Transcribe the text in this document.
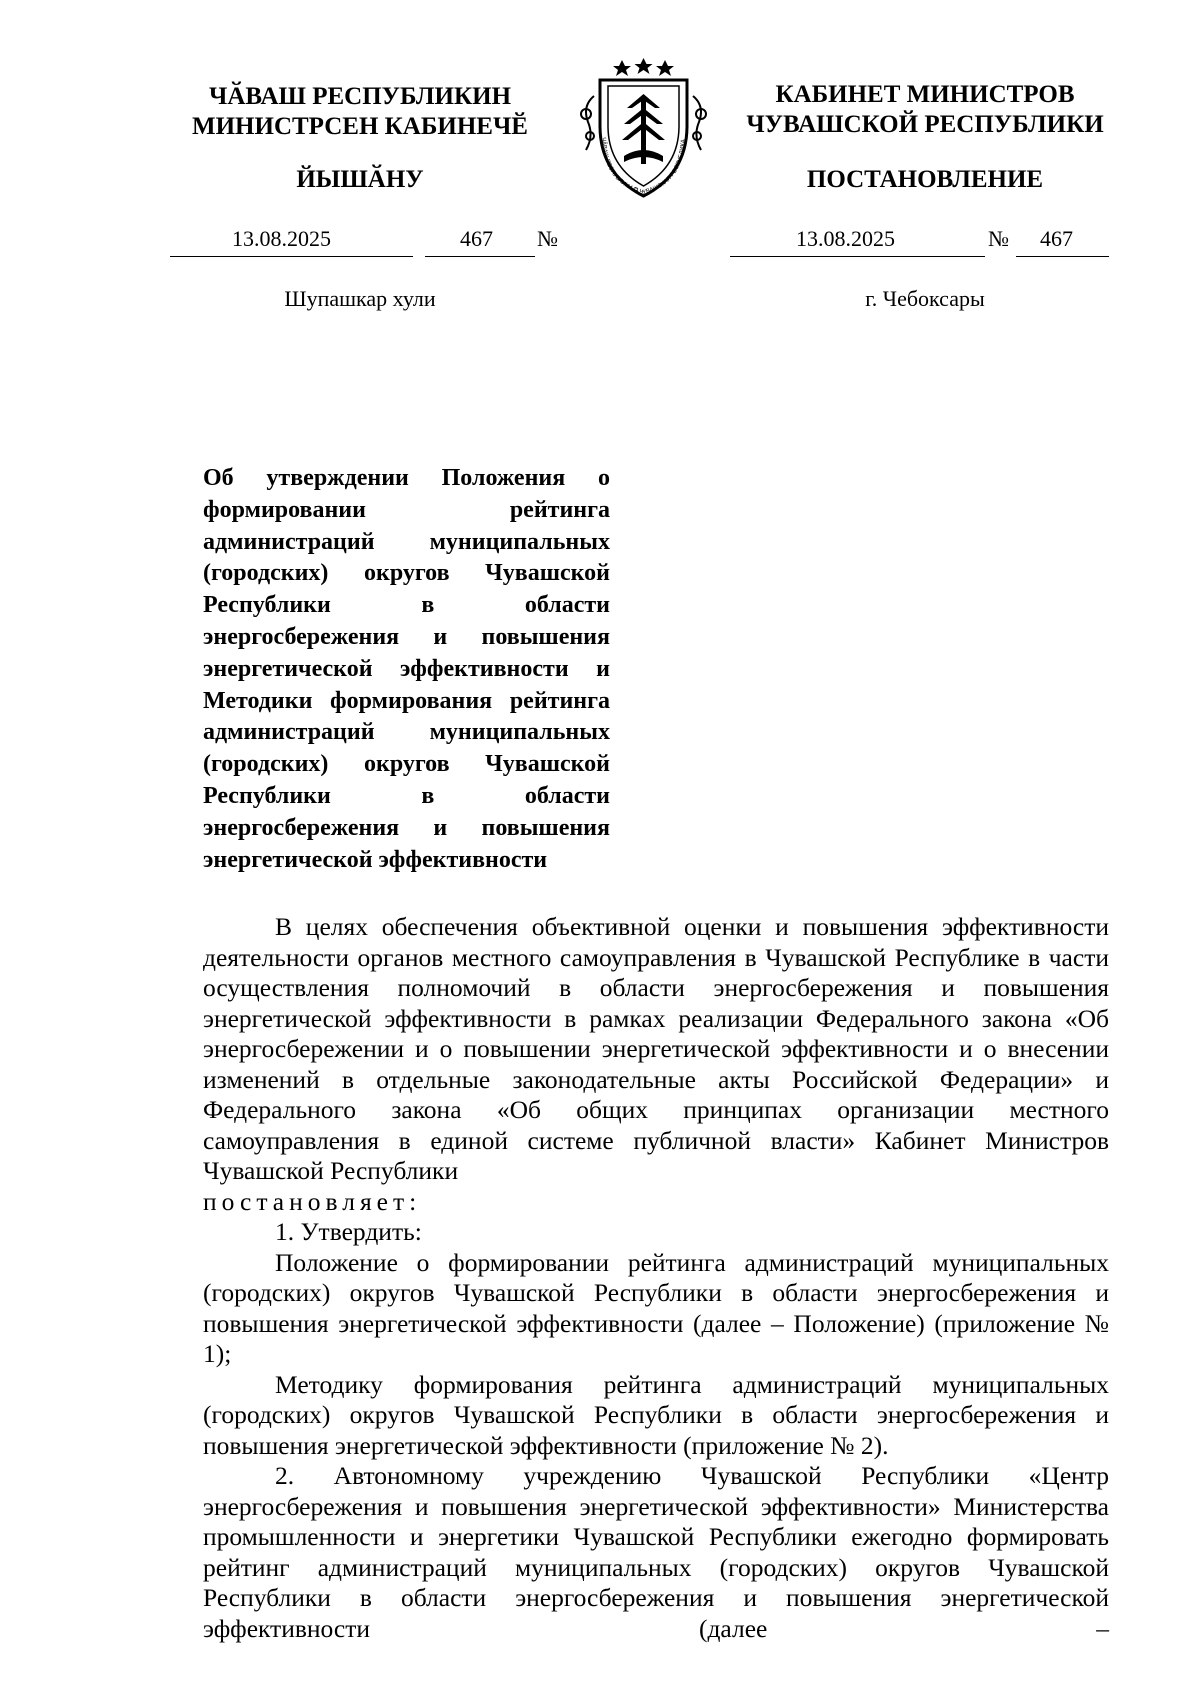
ЧӐВАШ РЕСПУБЛИКИН
МИНИСТРСЕН КАБИНЕЧӖ
ЙЫШӐНУ
13.08.2025	467 №
Шупашкар хули
ЧӐВАШ РЕСПУБЛИКИ ✪ ЧУВАШСКАЯ РЕСПУБЛИКА
КАБИНЕТ МИНИСТРОВ
ЧУВАШСКОЙ РЕСПУБЛИКИ
ПОСТАНОВЛЕНИЕ
13.08.2025	№ 467
г. Чебоксары
Об утверждении Положения о формировании рейтинга администраций муниципальных (городских) округов Чувашской Республики в области энергосбережения и повышения энергетической эффективности и Методики формирования рейтинга администраций муниципальных (городских) округов Чувашской Республики в области энергосбережения и повышения энергетической эффективности

В целях обеспечения объективной оценки и повышения эффективности деятельности органов местного самоуправления в Чувашской Республике в части осуществления полномочий в области энергосбережения и повышения энергетической эффективности в рамках реализации Федерального закона «Об энергосбережении и о повышении энергетической эффективности и о внесении изменений в отдельные законодательные акты Российской Федерации» и Федерального закона «Об общих принципах организации местного самоуправления в единой системе публичной власти» Кабинет Министров Чувашской Республики

постановляет:

1. Утвердить:

Положение о формировании рейтинга администраций муниципальных (городских) округов Чувашской Республики в области энергосбережения и повышения энергетической эффективности (далее – Положение) (приложение № 1);

Методику формирования рейтинга администраций муниципальных (городских) округов Чувашской Республики в области энергосбережения и повышения энергетической эффективности (приложение № 2).

2. Автономному учреждению Чувашской Республики «Центр энергосбережения и повышения энергетической эффективности» Министерства промышленности и энергетики Чувашской Республики ежегодно формировать рейтинг администраций муниципальных (городских) округов Чувашской Республики в области энергосбережения и повышения энергетической эффективности (далее –
